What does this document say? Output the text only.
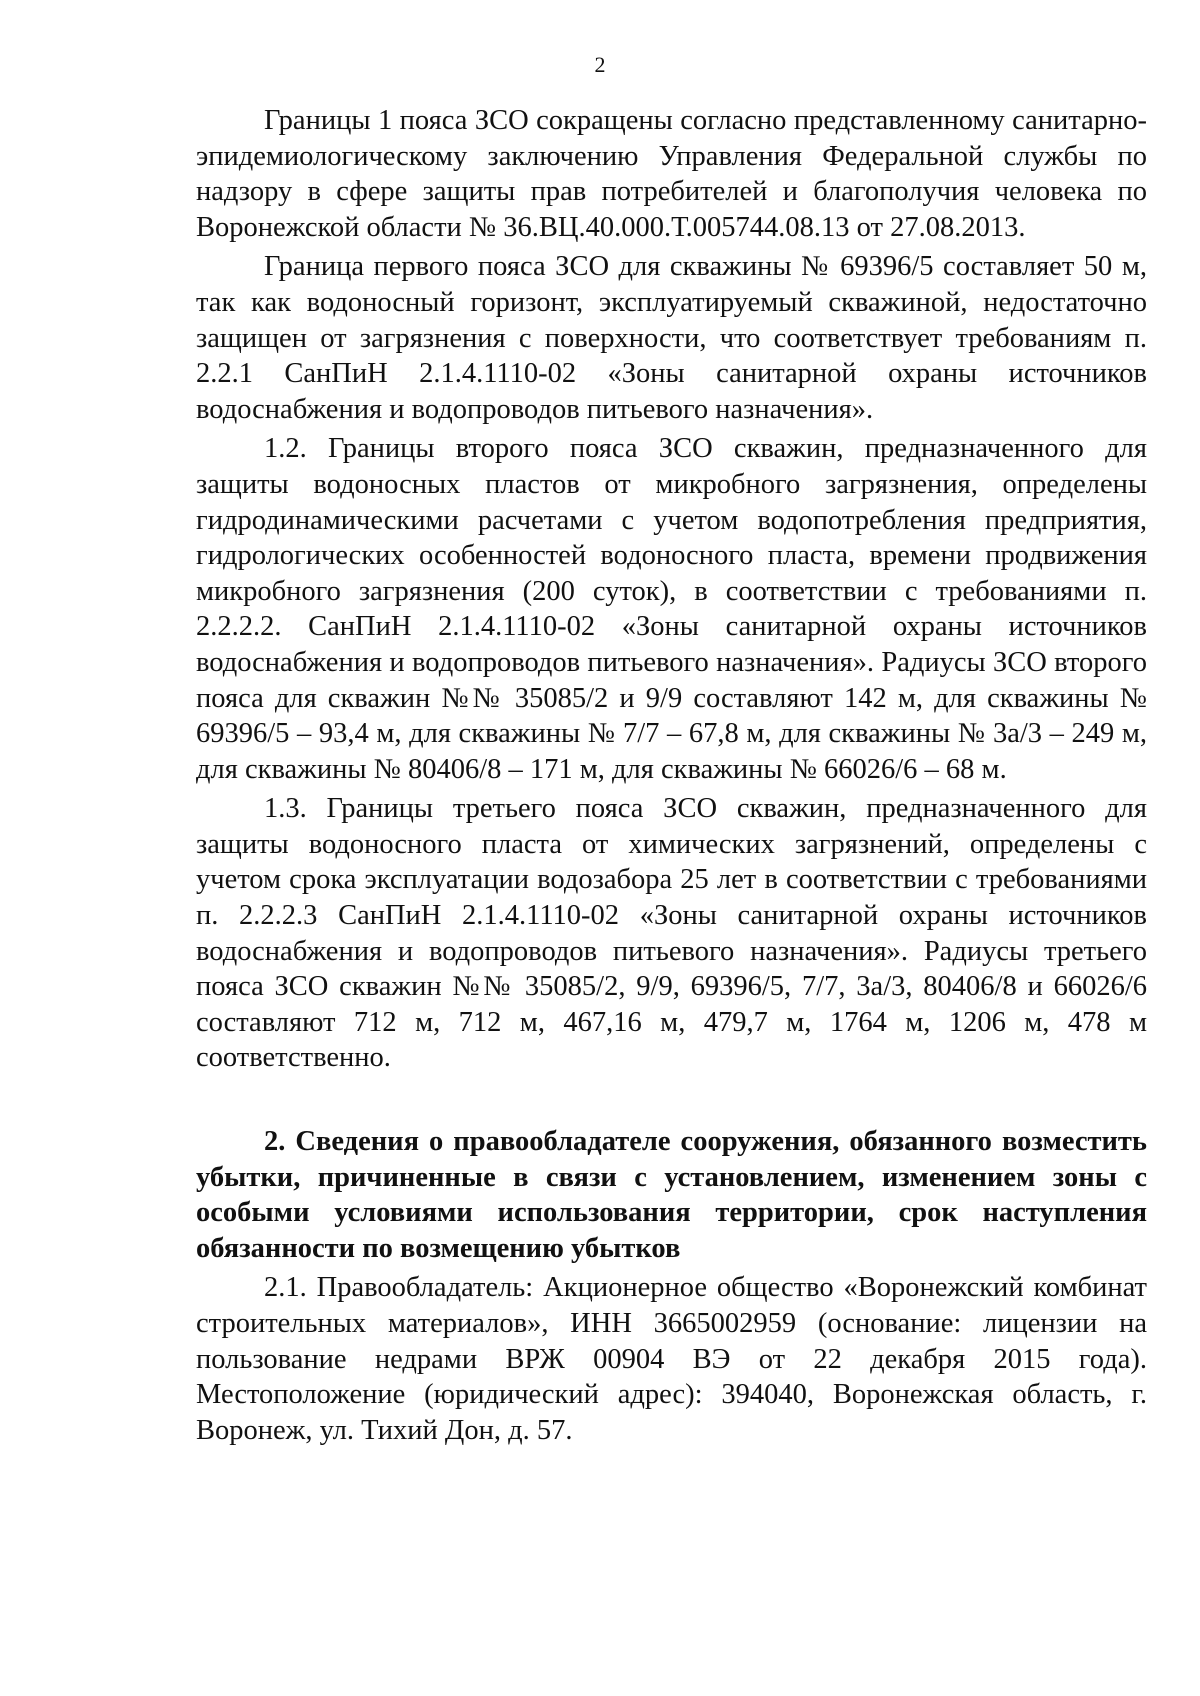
2

Границы 1 пояса ЗСО сокращены согласно представленному санитарно-эпидемиологическому заключению Управления Федеральной службы по надзору в сфере защиты прав потребителей и благополучия человека по Воронежской области № 36.ВЦ.40.000.Т.005744.08.13 от 27.08.2013.

Граница первого пояса ЗСО для скважины № 69396/5 составляет 50 м, так как водоносный горизонт, эксплуатируемый скважиной, недостаточно защищен от загрязнения с поверхности, что соответствует требованиям п. 2.2.1 СанПиН 2.1.4.1110-02 «Зоны санитарной охраны источников водоснабжения и водопроводов питьевого назначения».

1.2. Границы второго пояса ЗСО скважин, предназначенного для защиты водоносных пластов от микробного загрязнения, определены гидродинамическими расчетами с учетом водопотребления предприятия, гидрологических особенностей водоносного пласта, времени продвижения микробного загрязнения (200 суток), в соответствии с требованиями п. 2.2.2.2. СанПиН 2.1.4.1110-02 «Зоны санитарной охраны источников водоснабжения и водопроводов питьевого назначения». Радиусы ЗСО второго пояса для скважин №№ 35085/2 и 9/9 составляют 142 м, для скважины № 69396/5 – 93,4 м, для скважины № 7/7 – 67,8 м, для скважины № 3а/3 – 249 м, для скважины № 80406/8 – 171 м, для скважины № 66026/6 – 68 м.

1.3. Границы третьего пояса ЗСО скважин, предназначенного для защиты водоносного пласта от химических загрязнений, определены с учетом срока эксплуатации водозабора 25 лет в соответствии с требованиями п. 2.2.2.3 СанПиН 2.1.4.1110-02 «Зоны санитарной охраны источников водоснабжения и водопроводов питьевого назначения». Радиусы третьего пояса ЗСО скважин №№ 35085/2, 9/9, 69396/5, 7/7, 3а/3, 80406/8 и 66026/6 составляют 712 м, 712 м, 467,16 м, 479,7 м, 1764 м, 1206 м, 478 м соответственно.

2. Сведения о правообладателе сооружения, обязанного возместить убытки, причиненные в связи с установлением, изменением зоны с особыми условиями использования территории, срок наступления обязанности по возмещению убытков

2.1. Правообладатель: Акционерное общество «Воронежский комбинат строительных материалов», ИНН 3665002959 (основание: лицензии на пользование недрами ВРЖ 00904 ВЭ от 22 декабря 2015 года). Местоположение (юридический адрес): 394040, Воронежская область, г. Воронеж, ул. Тихий Дон, д. 57.
